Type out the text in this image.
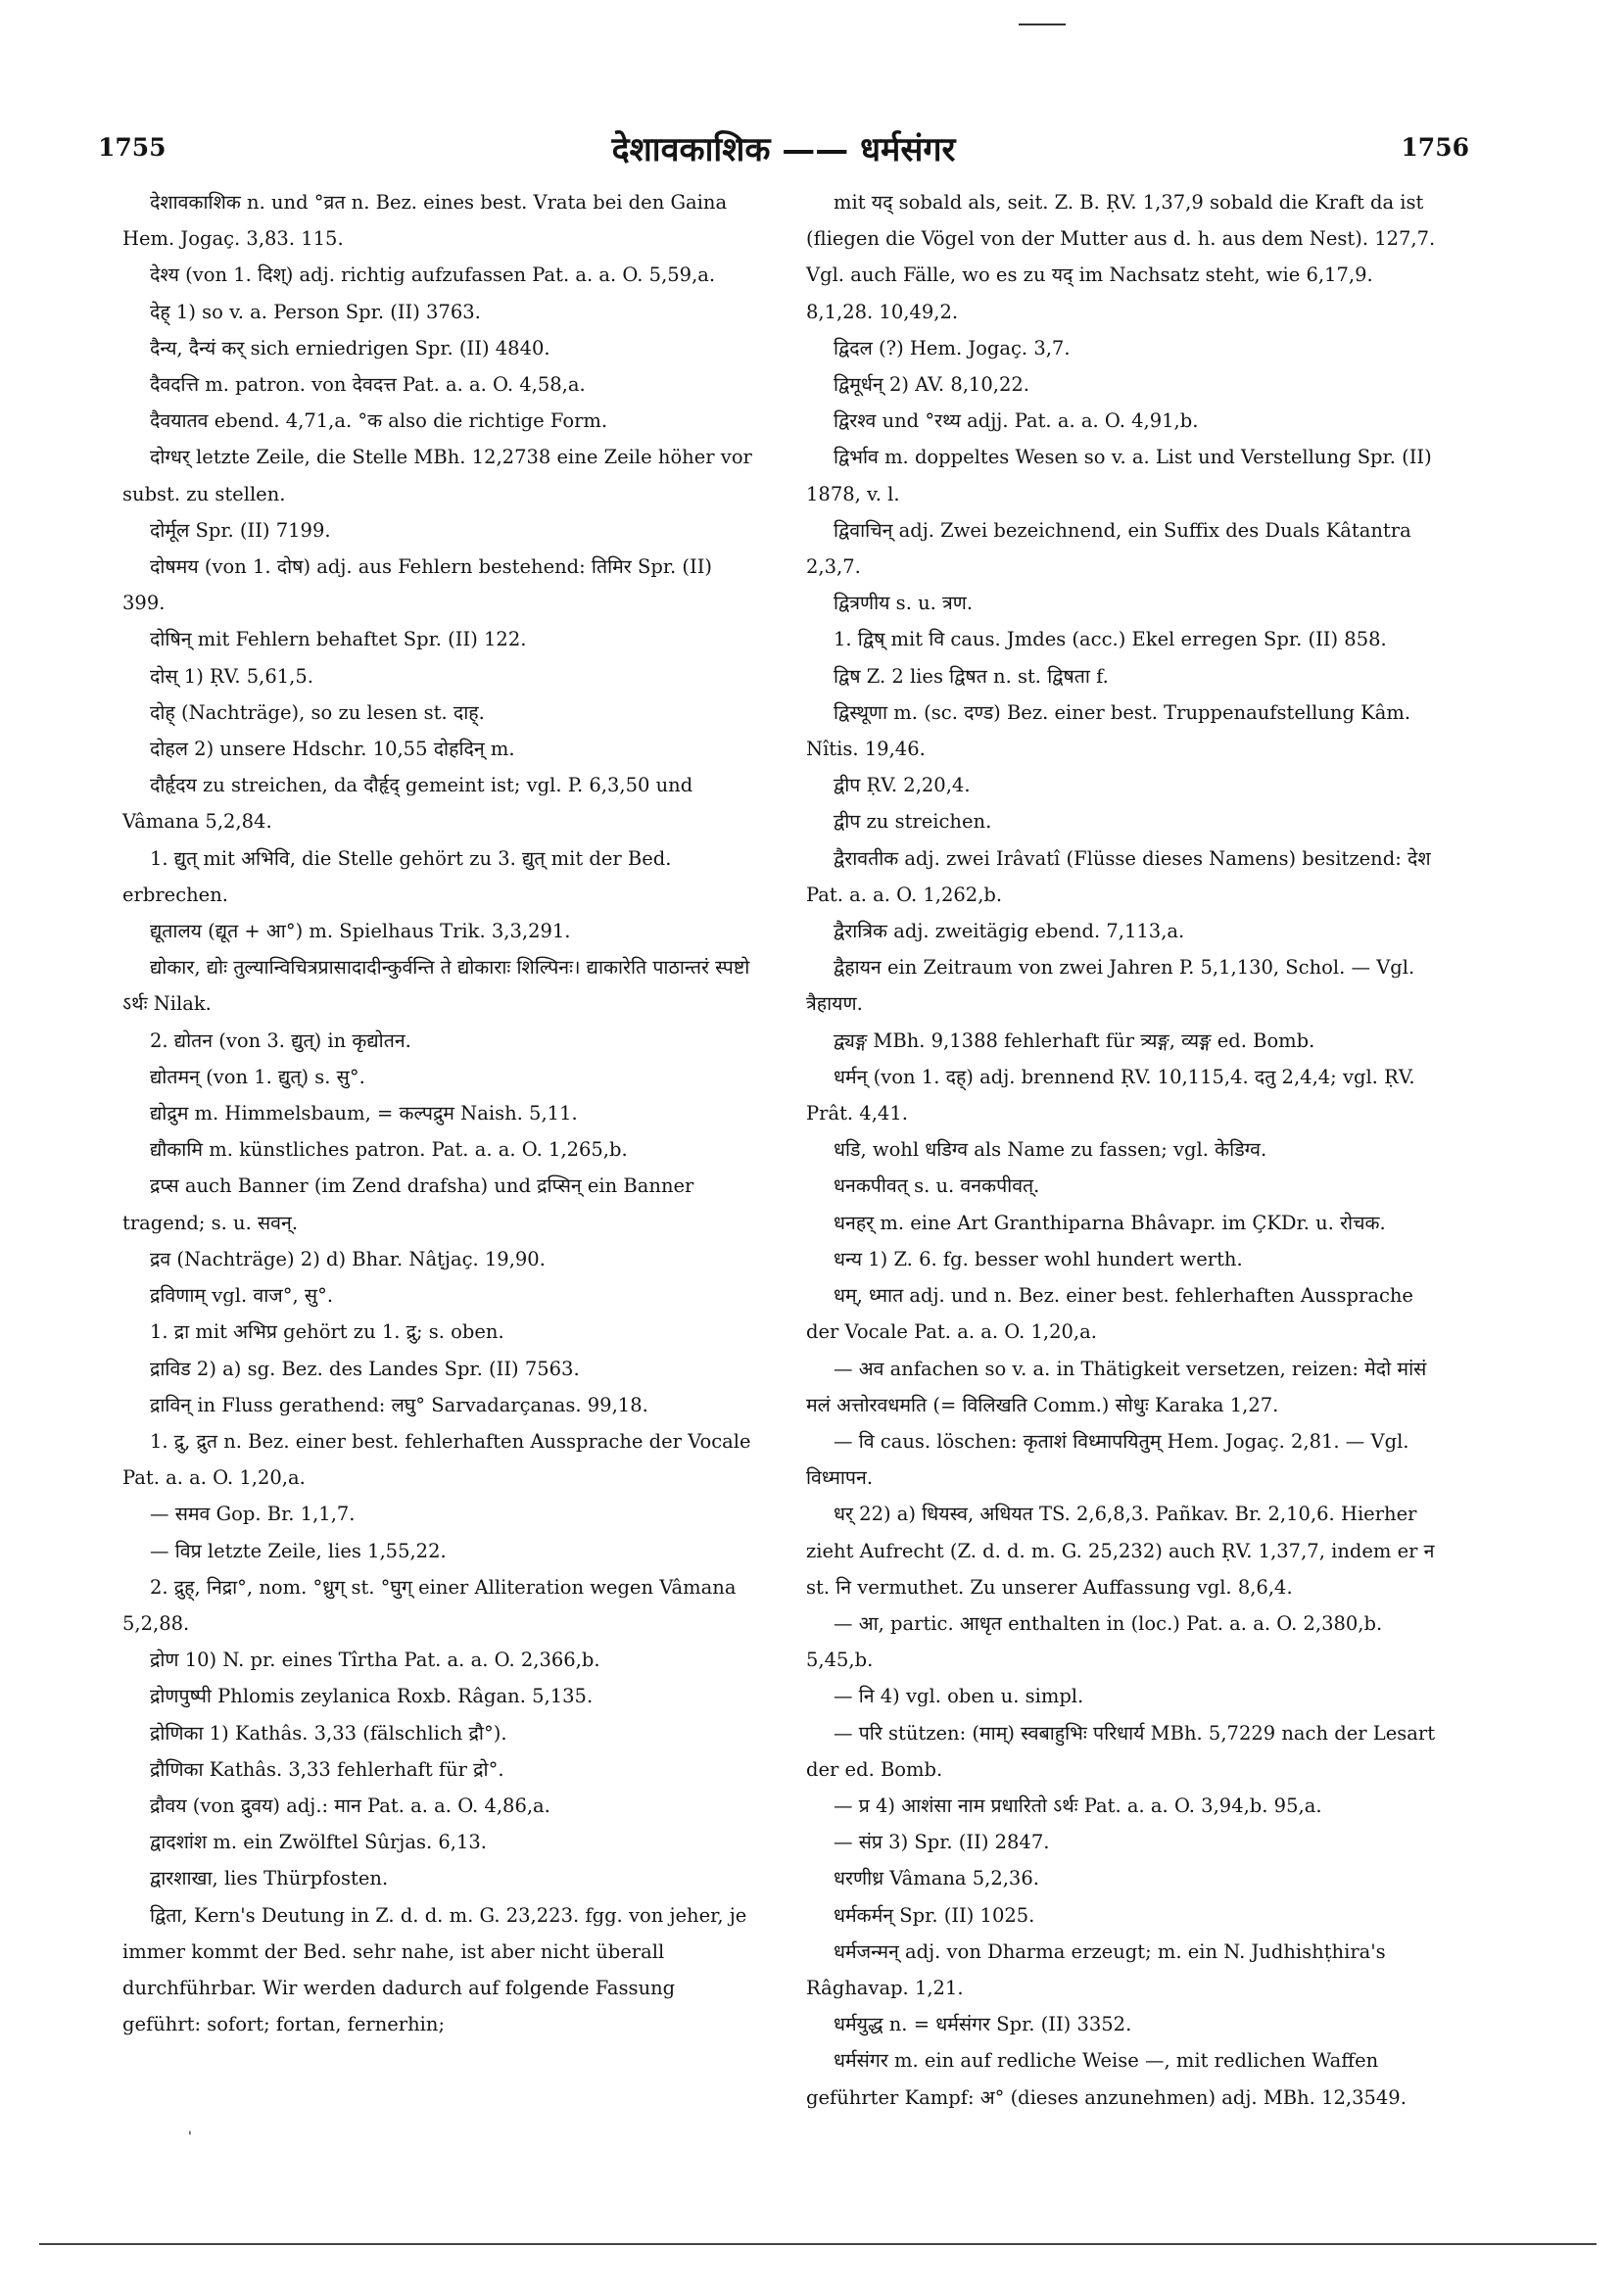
1755	देशावकाशिक —— धर्मसंगर	1756

देशावकाशिक n. und °व्रत n. Bez. eines best. Vrata bei den Gaina Hem. Jogaç. 3,83. 115.

देश्य (von 1. दिश्) adj. richtig aufzufassen Pat. a. a. O. 5,59,a.

देह् 1) so v. a. Person Spr. (II) 3763.

दैन्य, दैन्यं कर् sich erniedrigen Spr. (II) 4840.

दैवदत्ति m. patron. von देवदत्त Pat. a. a. O. 4,58,a.

दैवयातव ebend. 4,71,a. °क also die richtige Form.

दोग्धर् letzte Zeile, die Stelle MBh. 12,2738 eine Zeile höher vor subst. zu stellen.

दोर्मूल Spr. (II) 7199.

दोषमय (von 1. दोष) adj. aus Fehlern bestehend: तिमिर Spr. (II) 399.

दोषिन् mit Fehlern behaftet Spr. (II) 122.

दोस् 1) ṚV. 5,61,5.

दोह् (Nachträge), so zu lesen st. दाह्.

दोहल 2) unsere Hdschr. 10,55 दोहदिन् m.

दौर्हृदय zu streichen, da दौर्हृद् gemeint ist; vgl. P. 6,3,50 und Vâmana 5,2,84.

1. द्युत् mit अभिवि, die Stelle gehört zu 3. द्युत् mit der Bed. erbrechen.

द्यूतालय (द्यूत + आ°) m. Spielhaus Trik. 3,3,291.

द्योकार, द्योः तुल्यान्विचित्रप्रासादादीन्कुर्वन्ति ते द्योकाराः शिल्पिनः। द्याकारेति पाठान्तरं स्पष्टो ऽर्थः Nilak.

2. द्योतन (von 3. द्युत्) in कृद्योतन.

द्योतमन् (von 1. द्युत्) s. सु°.

द्योद्रुम m. Himmelsbaum, = कल्पद्रुम Naish. 5,11.

द्यौकामि m. künstliches patron. Pat. a. a. O. 1,265,b.

द्रप्स auch Banner (im Zend drafsha) und द्रप्सिन् ein Banner tragend; s. u. सवन्.

द्रव (Nachträge) 2) d) Bhar. Nâṭjaç. 19,90.

द्रविणाम् vgl. वाज°, सु°.

1. द्रा mit अभिप्र gehört zu 1. द्रु; s. oben.

द्राविड 2) a) sg. Bez. des Landes Spr. (II) 7563.

द्राविन् in Fluss gerathend: लघु° Sarvadarçanas. 99,18.

1. द्रु, द्रुत n. Bez. einer best. fehlerhaften Aussprache der Vocale Pat. a. a. O. 1,20,a.

— समव Gop. Br. 1,1,7.

— विप्र letzte Zeile, lies 1,55,22.

2. द्रुह्, निद्रा°, nom. °ध्रुग् st. °घुग् einer Alliteration wegen Vâmana 5,2,88.

द्रोण 10) N. pr. eines Tîrtha Pat. a. a. O. 2,366,b.

द्रोणपुष्पी Phlomis zeylanica Roxb. Râgan. 5,135.

द्रोणिका 1) Kathâs. 3,33 (fälschlich द्रौ°).

द्रौणिका Kathâs. 3,33 fehlerhaft für द्रो°.

द्रौवय (von द्रुवय) adj.: मान Pat. a. a. O. 4,86,a.

द्वादशांश m. ein Zwölftel Sûrjas. 6,13.

द्वारशाखा, lies Thürpfosten.

द्विता, Kern's Deutung in Z. d. d. m. G. 23,223. fgg. von jeher, je immer kommt der Bed. sehr nahe, ist aber nicht überall durchführbar. Wir werden dadurch auf folgende Fassung geführt: sofort; fortan, fernerhin;

mit यद् sobald als, seit. Z. B. ṚV. 1,37,9 sobald die Kraft da ist (fliegen die Vögel von der Mutter aus d. h. aus dem Nest). 127,7. Vgl. auch Fälle, wo es zu यद् im Nachsatz steht, wie 6,17,9. 8,1,28. 10,49,2.

द्विदल (?) Hem. Jogaç. 3,7.

द्विमूर्धन् 2) AV. 8,10,22.

द्विरश्व und °रथ्य adjj. Pat. a. a. O. 4,91,b.

द्विर्भाव m. doppeltes Wesen so v. a. List und Verstellung Spr. (II) 1878, v. l.

द्विवाचिन् adj. Zwei bezeichnend, ein Suffix des Duals Kâtantra 2,3,7.

द्वित्रणीय s. u. त्रण.

1. द्विष् mit वि caus. Jmdes (acc.) Ekel erregen Spr. (II) 858.

द्विष Z. 2 lies द्विषत n. st. द्विषता f.

द्विस्थूणा m. (sc. दण्ड) Bez. einer best. Truppenaufstellung Kâm. Nîtis. 19,46.

द्वीप ṚV. 2,20,4.

द्वीप zu streichen.

द्वैरावतीक adj. zwei Irâvatî (Flüsse dieses Namens) besitzend: देश Pat. a. a. O. 1,262,b.

द्वैरात्रिक adj. zweitägig ebend. 7,113,a.

द्वैहायन ein Zeitraum von zwei Jahren P. 5,1,130, Schol. — Vgl. त्रैहायण.

द्व्यङ्ग MBh. 9,1388 fehlerhaft für त्र्यङ्ग, व्यङ्ग ed. Bomb.

धर्मन् (von 1. दह्) adj. brennend ṚV. 10,115,4. दतु 2,4,4; vgl. ṚV. Prât. 4,41.

धडि, wohl धडिग्व als Name zu fassen; vgl. केडिग्व.

धनकपीवत् s. u. वनकपीवत्.

धनहर् m. eine Art Granthiparna Bhâvapr. im ÇKDr. u. रोचक.

धन्य 1) Z. 6. fg. besser wohl hundert werth.

धम्, ध्मात adj. und n. Bez. einer best. fehlerhaften Aussprache der Vocale Pat. a. a. O. 1,20,a.

— अव anfachen so v. a. in Thätigkeit versetzen, reizen: मेदो मांसं मलं अत्तोरवधमति (= विलिखति Comm.) सोधुः Karaka 1,27.

— वि caus. löschen: कृताशं विध्मापयितुम् Hem. Jogaç. 2,81. — Vgl. विध्मापन.

धर् 22) a) धियस्व, अधियत TS. 2,6,8,3. Pañkav. Br. 2,10,6. Hierher zieht Aufrecht (Z. d. d. m. G. 25,232) auch ṚV. 1,37,7, indem er न st. नि vermuthet. Zu unserer Auffassung vgl. 8,6,4.

— आ, partic. आधृत enthalten in (loc.) Pat. a. a. O. 2,380,b. 5,45,b.

— नि 4) vgl. oben u. simpl.

— परि stützen: (माम्) स्वबाहुभिः परिधार्य MBh. 5,7229 nach der Lesart der ed. Bomb.

— प्र 4) आशंसा नाम प्रधारितो ऽर्थः Pat. a. a. O. 3,94,b. 95,a.

— संप्र 3) Spr. (II) 2847.

धरणीध्र Vâmana 5,2,36.

धर्मकर्मन् Spr. (II) 1025.

धर्मजन्मन् adj. von Dharma erzeugt; m. ein N. Judhishṭhira's Râghavap. 1,21.

धर्मयुद्ध n. = धर्मसंगर Spr. (II) 3352.

धर्मसंगर m. ein auf redliche Weise —, mit redlichen Waffen geführter Kampf: अ° (dieses anzunehmen) adj. MBh. 12,3549.

'
